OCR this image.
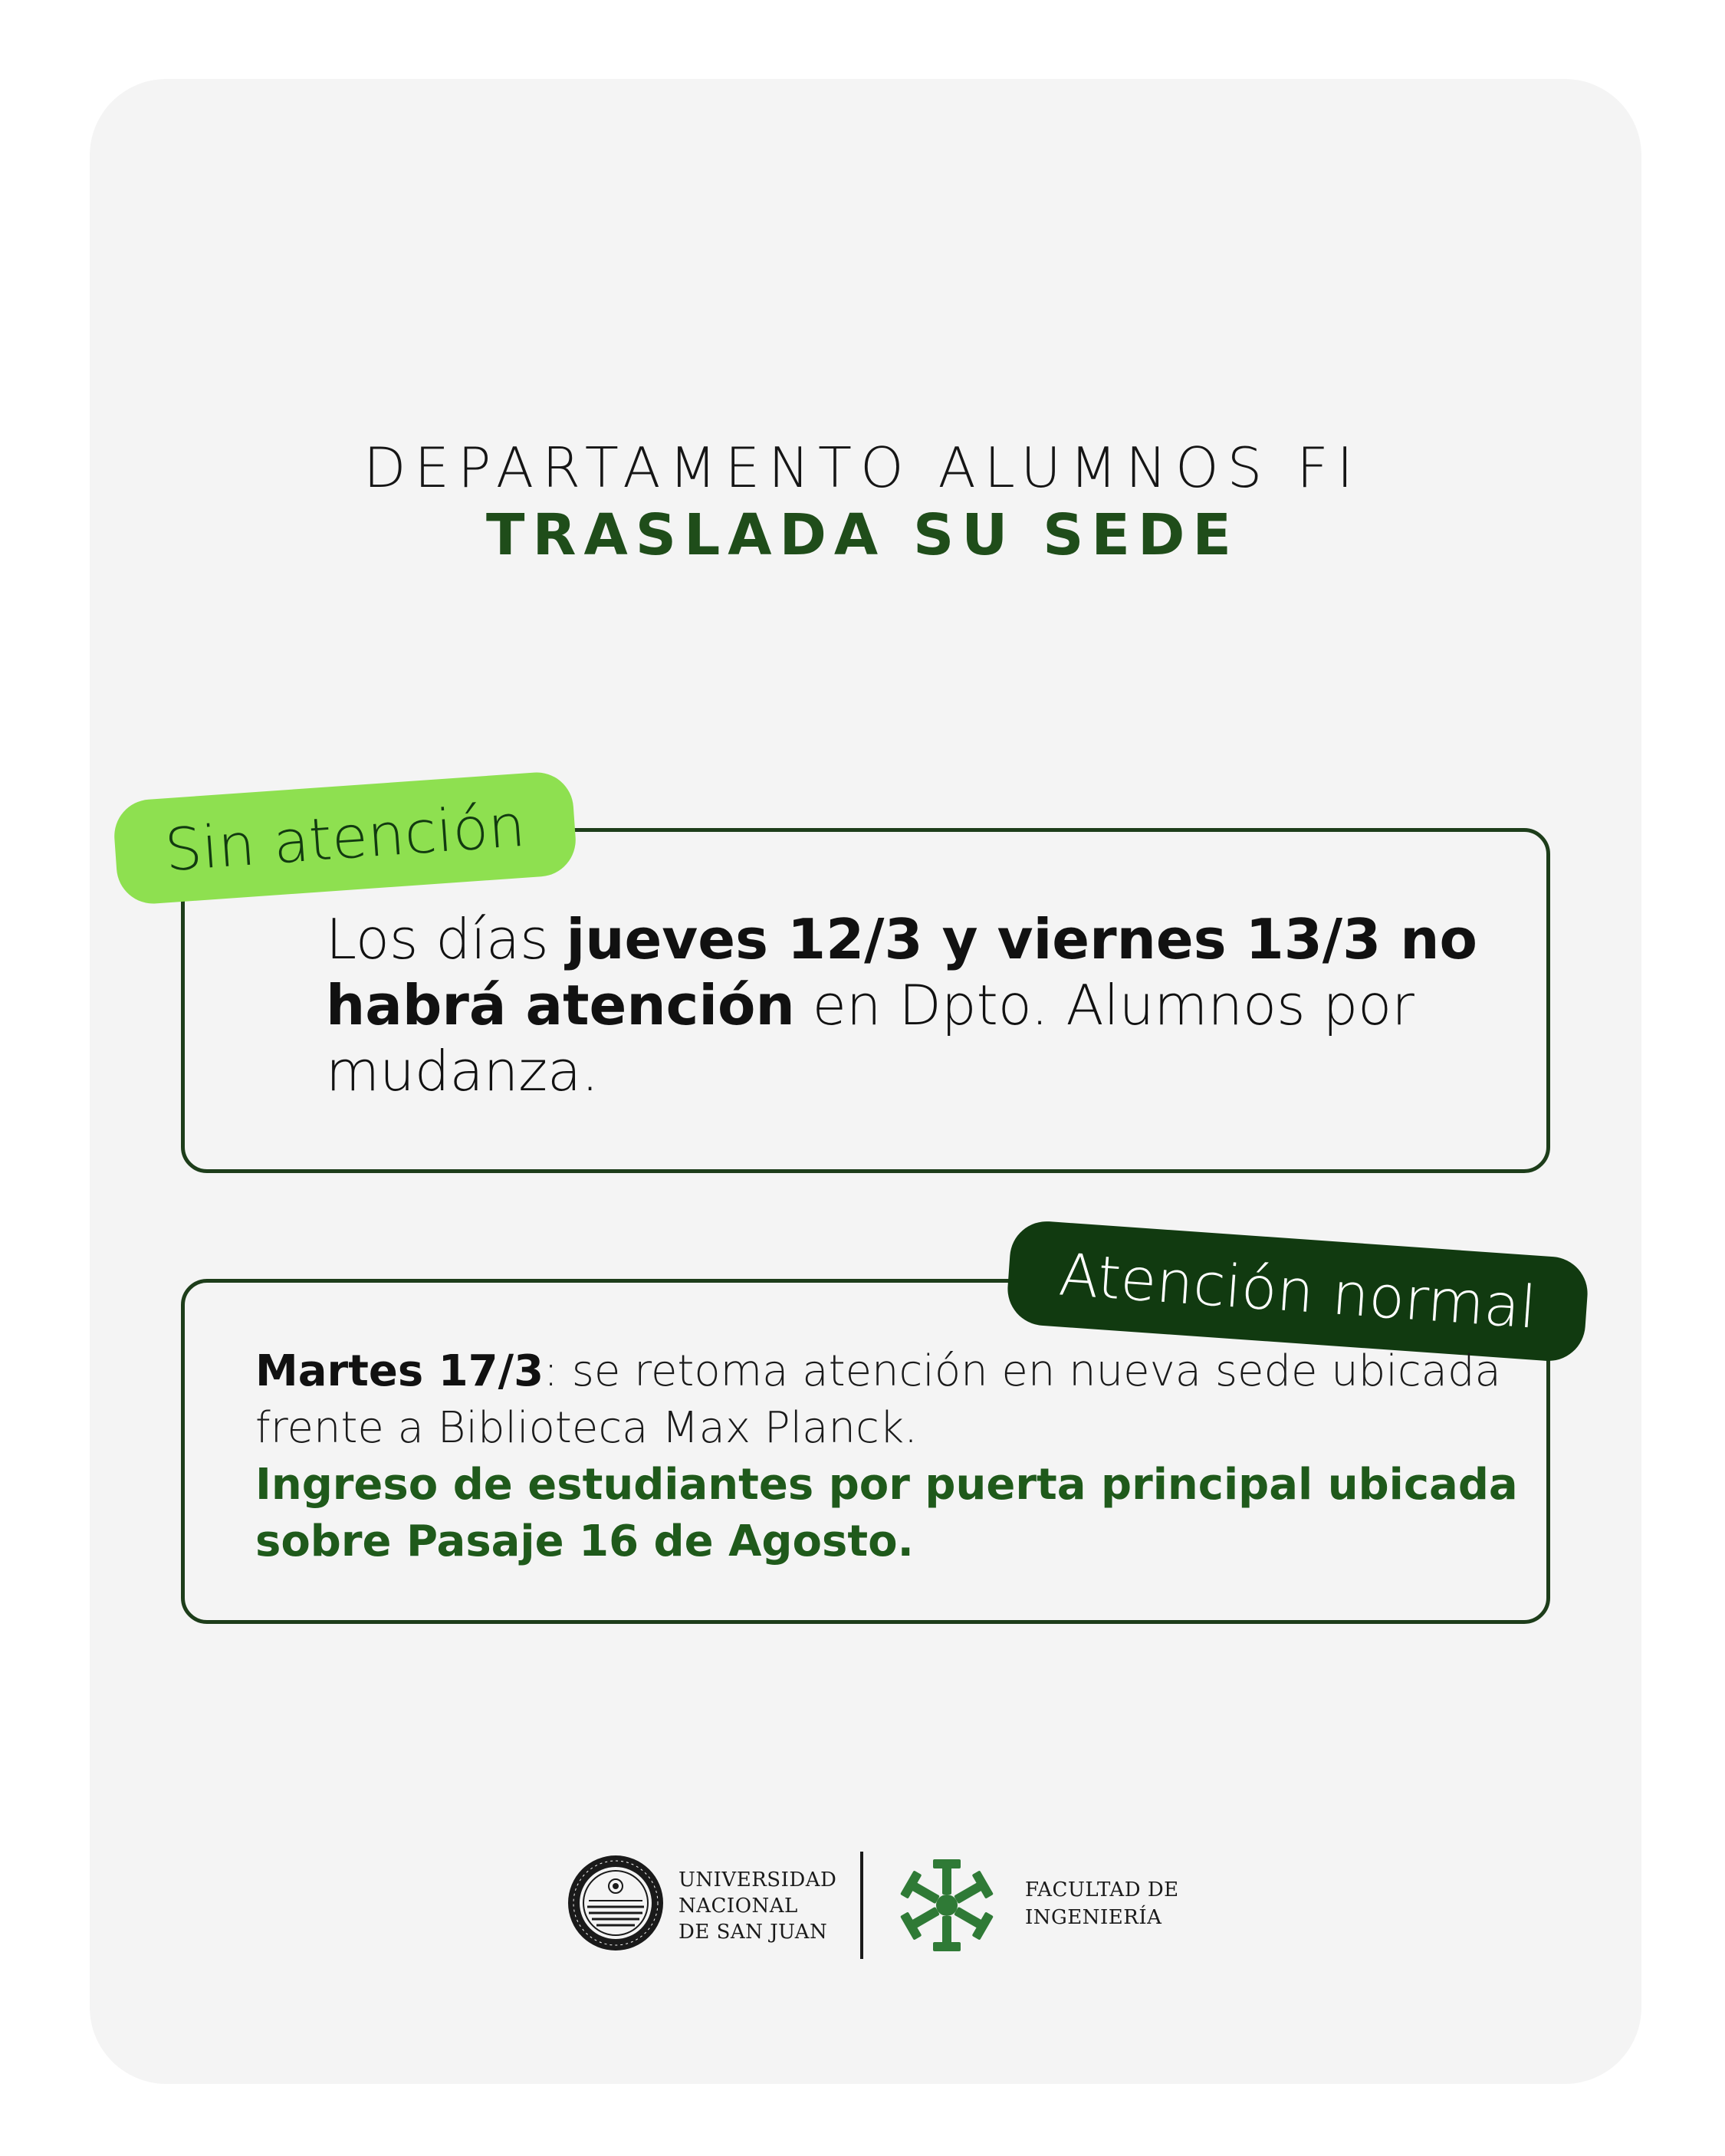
DEPARTAMENTO ALUMNOS FI
TRASLADA SU SEDE
Sin atención
Los días jueves 12/3 y viernes 13/3 no habrá atención en Dpto. Alumnos por mudanza.
Atención normal
Martes 17/3: se retoma atención en nueva sede ubicada frente a Biblioteca Max Planck.
Ingreso de estudiantes por puerta principal ubicada sobre Pasaje 16 de Agosto.
UNIVERSIDAD
NACIONAL
DE SAN JUAN
FACULTAD DE
INGENIERÍA
